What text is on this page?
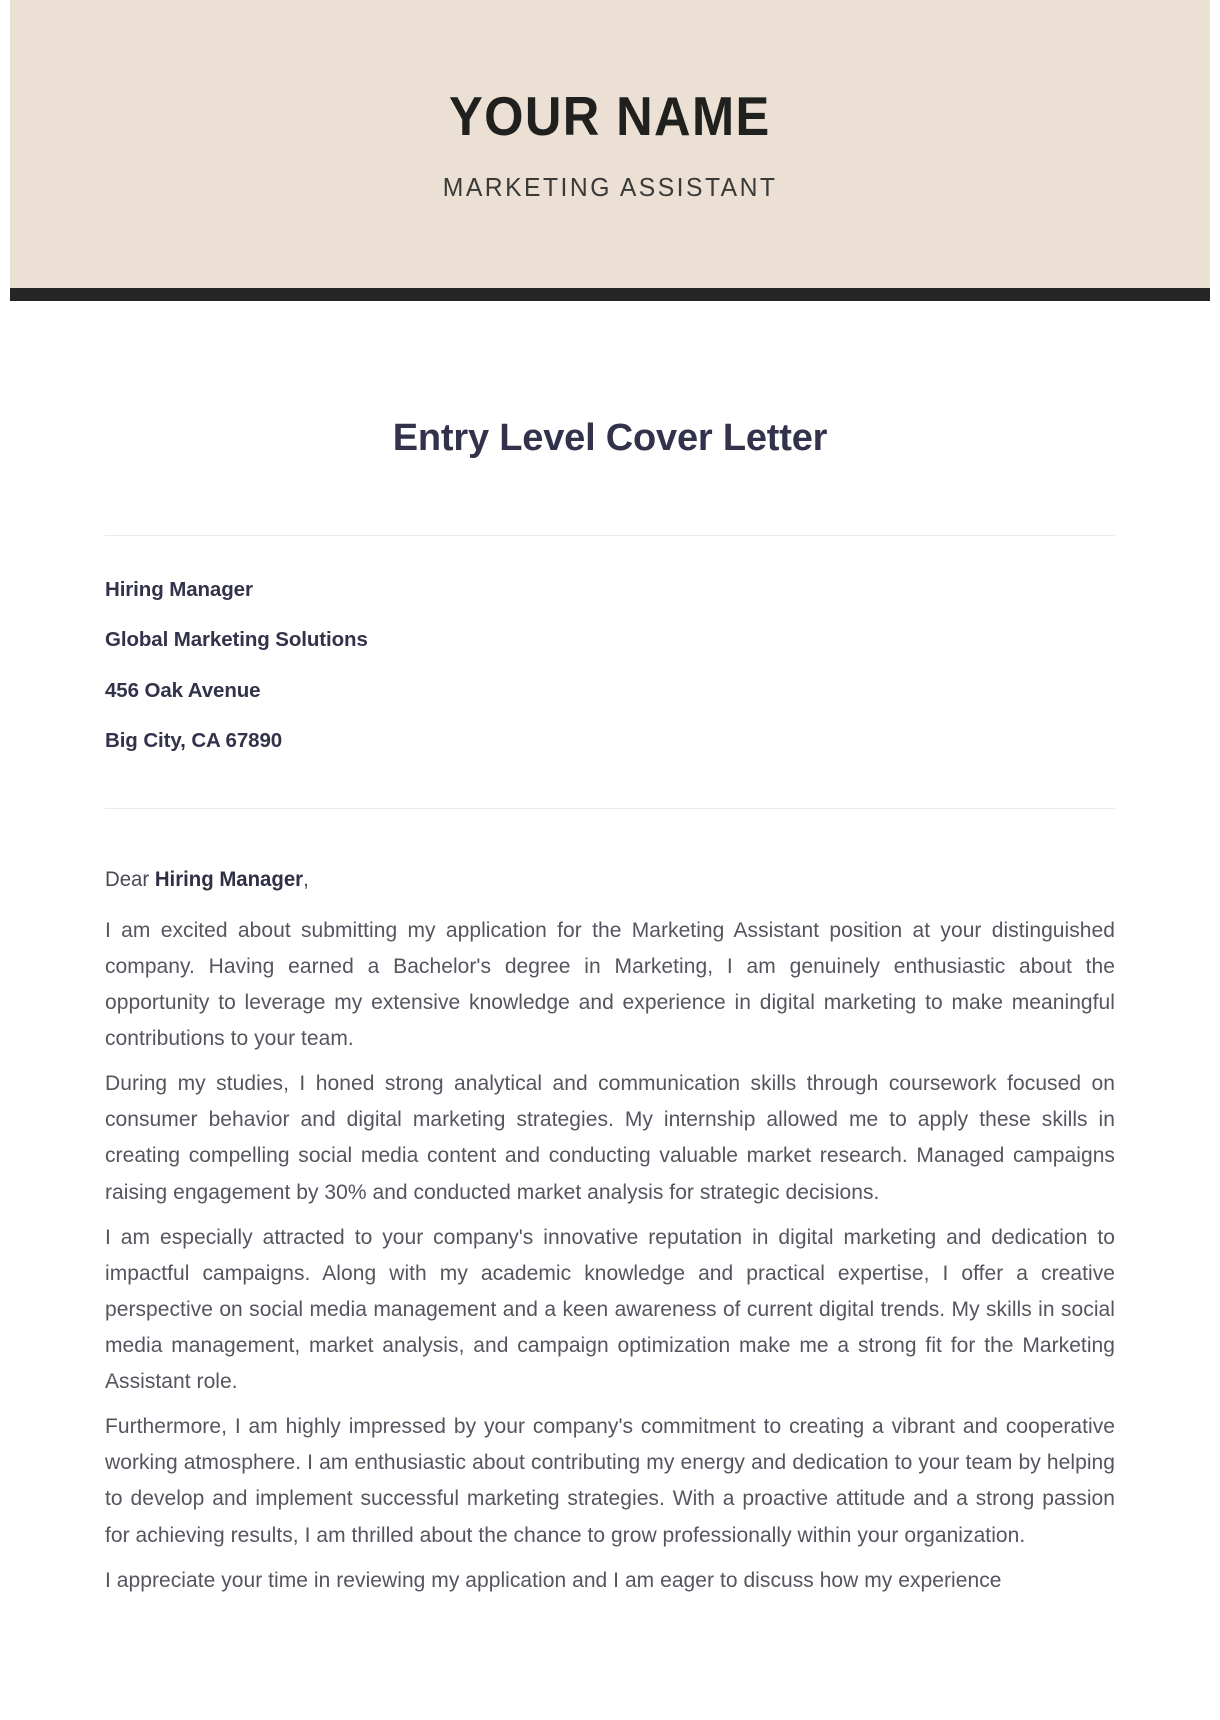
YOUR NAME
MARKETING ASSISTANT
Entry Level Cover Letter
Hiring Manager
Global Marketing Solutions
456 Oak Avenue
Big City, CA 67890

Dear Hiring Manager,

I am excited about submitting my application for the Marketing Assistant position at your distinguished company. Having earned a Bachelor's degree in Marketing, I am genuinely enthusiastic about the opportunity to leverage my extensive knowledge and experience in digital marketing to make meaningful contributions to your team.

During my studies, I honed strong analytical and communication skills through coursework focused on consumer behavior and digital marketing strategies. My internship allowed me to apply these skills in creating compelling social media content and conducting valuable market research. Managed campaigns raising engagement by 30% and conducted market analysis for strategic decisions.

I am especially attracted to your company's innovative reputation in digital marketing and dedication to impactful campaigns. Along with my academic knowledge and practical expertise, I offer a creative perspective on social media management and a keen awareness of current digital trends. My skills in social media management, market analysis, and campaign optimization make me a strong fit for the Marketing Assistant role.

Furthermore, I am highly impressed by your company's commitment to creating a vibrant and cooperative working atmosphere. I am enthusiastic about contributing my energy and dedication to your team by helping to develop and implement successful marketing strategies. With a proactive attitude and a strong passion for achieving results, I am thrilled about the chance to grow professionally within your organization.

I appreciate your time in reviewing my application and I am eager to discuss how my experience
